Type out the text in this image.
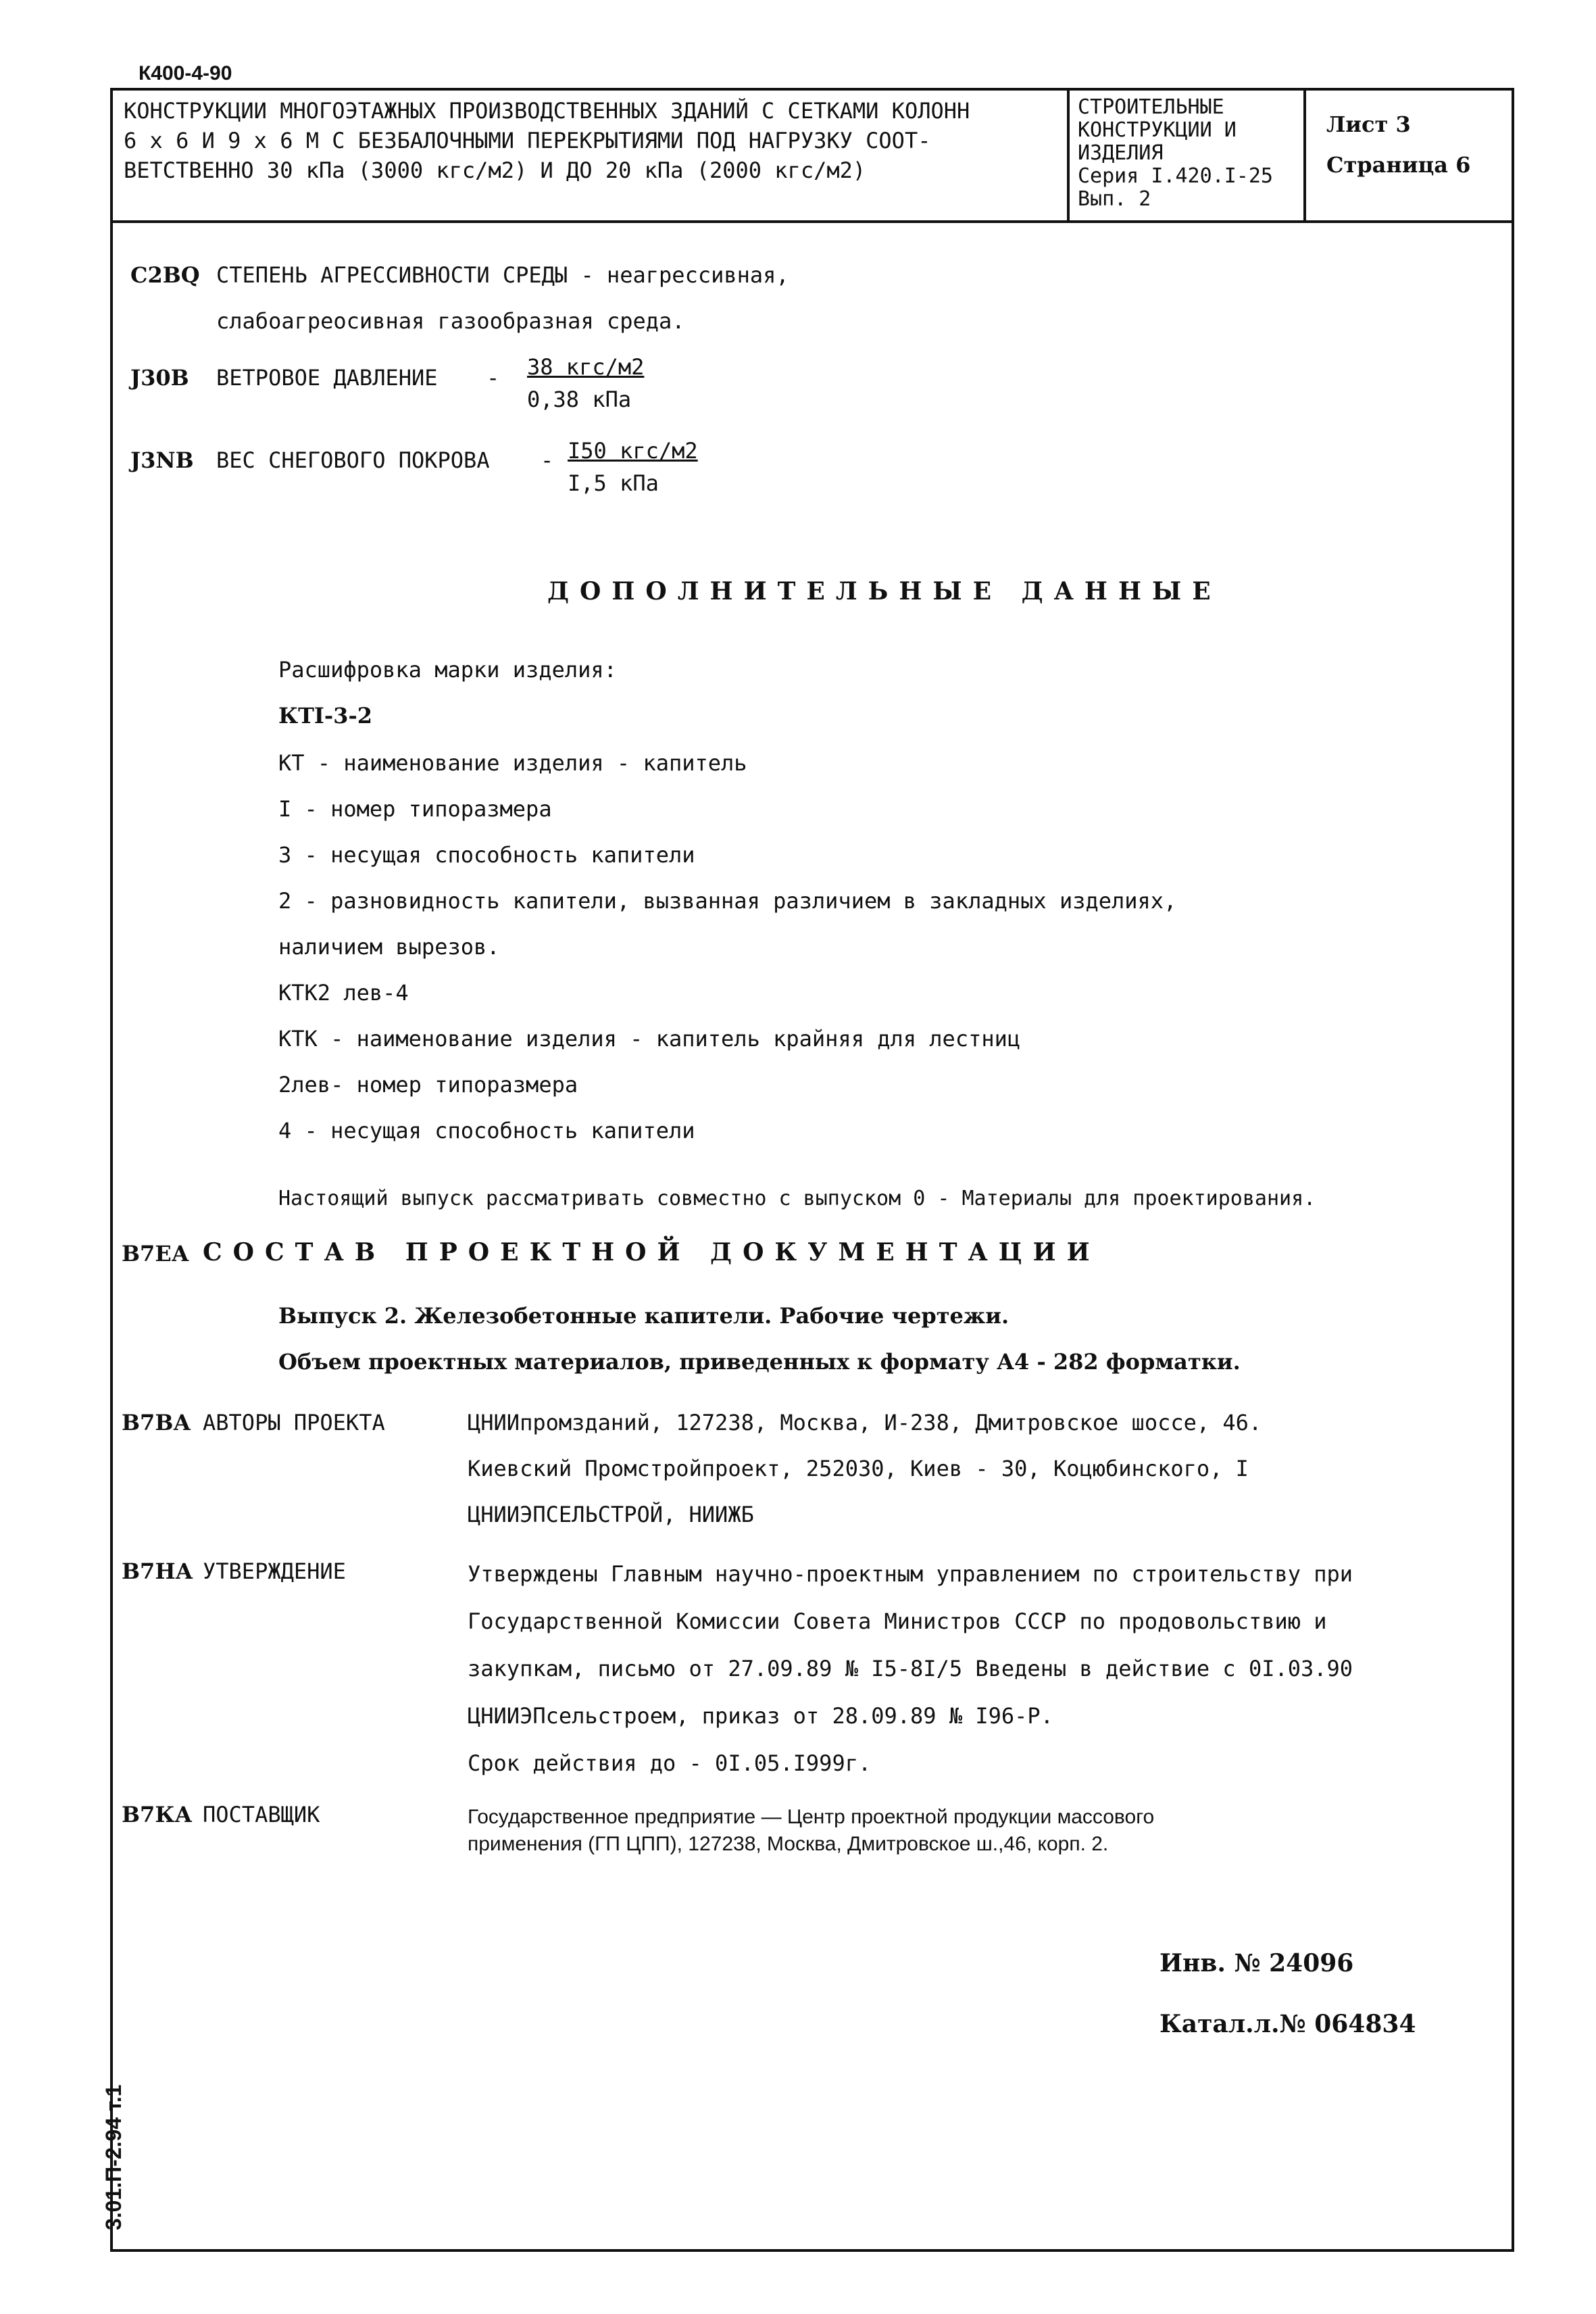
К400-4-90
КОНСТРУКЦИИ МНОГОЭТАЖНЫХ ПРОИЗВОДСТВЕННЫХ ЗДАНИЙ С СЕТКАМИ КОЛОНН
6 х 6 И 9 х 6 М С БЕЗБАЛОЧНЫМИ ПЕРЕКРЫТИЯМИ ПОД НАГРУЗКУ СООТ-
ВЕТСТВЕННО 30 кПа (3000 кгс/м2) И ДО 20 кПа (2000 кгс/м2)
СТРОИТЕЛЬНЫЕ
КОНСТРУКЦИИ И
ИЗДЕЛИЯ
Серия I.420.I-25
Вып. 2
Лист 3
Страница 6
С2ВQ СТЕПЕНЬ АГРЕССИВНОСТИ СРЕДЫ - неагрессивная,
слабоагреосивная газообразная среда.
J30B ВЕТРОВОЕ ДАВЛЕНИЕ - 38 кгс/м2
0,38 кПа
J3NB ВЕС СНЕГОВОГО ПОКРОВА - I50 кгс/м2
I,5 кПа
ДОПОЛНИТЕЛЬНЫЕ ДАННЫЕ
Расшифровка марки изделия:
КТI-3-2
КТ - наименование изделия - капитель
I - номер типоразмера
3 - несущая способность капители
2 - разновидность капители, вызванная различием в закладных изделиях,
наличием вырезов.
КТК2 лев-4
КТК - наименование изделия - капитель крайняя для лестниц
2лев- номер типоразмера
4 - несущая способность капители
Настоящий выпуск рассматривать совместно с выпуском 0 - Материалы для проектирования.
В7ЕА СОСТАВ ПРОЕКТНОЙ ДОКУМЕНТАЦИИ
Выпуск 2. Железобетонные капители. Рабочие чертежи.
Объем проектных материалов, приведенных к формату А4 - 282 форматки.
В7ВА АВТОРЫ ПРОЕКТА	ЦНИИпромзданий, 127238, Москва, И-238, Дмитровское шоссе, 46.
Киевский Промстройпроект, 252030, Киев - 30, Коцюбинского, I
ЦНИИЭПСЕЛЬСТРОЙ, НИИЖБ
В7НА УТВЕРЖДЕНИЕ	Утверждены Главным научно-проектным управлением по строительству при
Государственной Комиссии Совета Министров СССР по продовольствию и
закупкам, письмо от 27.09.89 № I5-8I/5 Введены в действие с 0I.03.90
ЦНИИЭПсельстроем, приказ от 28.09.89 № I96-Р.
Срок действия до - 0I.05.I999г.
В7КА ПОСТАВЩИК	Государственное предприятие — Центр проектной продукции массового
применения (ГП ЦПП), 127238, Москва, Дмитровское ш.,46, корп. 2.
Инв. № 24096
Катал.л.№ 064834
3.01.П-2.94 т.1
